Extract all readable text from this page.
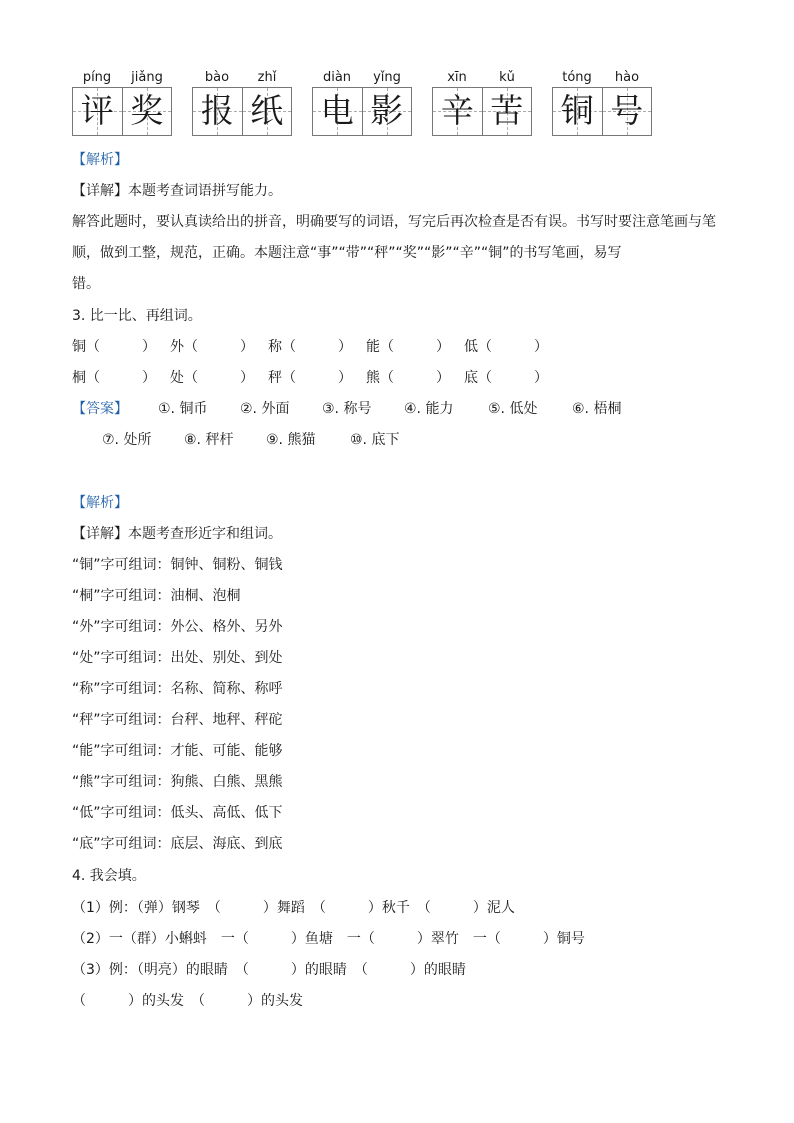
píng	jiǎng
评 奖
bào	zhǐ
报 纸
diàn	yǐng
电 影
xīn	kǔ
辛 苦
tóng	hào
铜 号
【解析】
【详解】本题考查词语拼写能力。
解答此题时，要认真读给出的拼音，明确要写的词语，写完后再次检查是否有误。书写时要注意笔画与笔
顺，做到工整，规范，正确。本题注意“事”“带”“秤”“奖”“影”“辛”“铜”的书写笔画，易写
错。
3. 比一比、再组词。
铜（　　　） 外（　　　） 称（　　　） 能（　　　） 低（　　　）
桐（　　　） 处（　　　） 秤（　　　） 熊（　　　） 底（　　　）
【答案】 ①. 铜币 ②. 外面 ③. 称号 ④. 能力 ⑤. 低处 ⑥. 梧桐
⑦. 处所 ⑧. 秤杆 ⑨. 熊猫 ⑩. 底下
【解析】
【详解】本题考查形近字和组词。
“铜”字可组词：铜钟、铜粉、铜钱
“桐”字可组词：油桐、泡桐
“外”字可组词：外公、格外、另外
“处”字可组词：出处、别处、到处
“称”字可组词：名称、简称、称呼
“秤”字可组词：台秤、地秤、秤砣
“能”字可组词：才能、可能、能够
“熊”字可组词：狗熊、白熊、黑熊
“低”字可组词：低头、高低、低下
“底”字可组词：底层、海底、到底
4. 我会填。
（1）例：（弹）钢琴　（　　　）舞蹈　（　　　）秋千　（　　　）泥人
（2）一（群）小蝌蚪　一（　　　）鱼塘　一（　　　）翠竹　一（　　　）铜号
（3）例：（明亮）的眼睛　（　　　）的眼睛　（　　　）的眼睛
（　　　）的头发　（　　　）的头发
